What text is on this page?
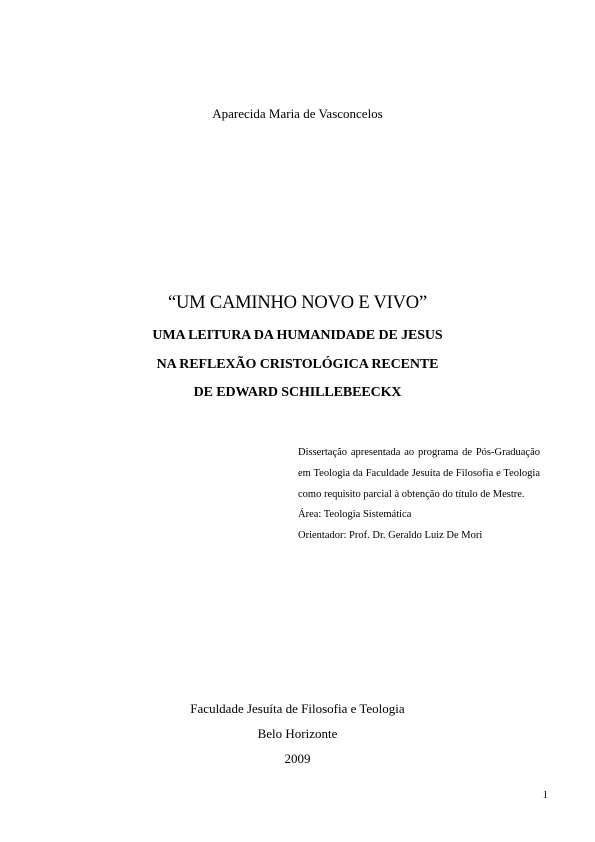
Aparecida Maria de Vasconcelos
“UM CAMINHO NOVO E VIVO”
UMA LEITURA DA HUMANIDADE DE JESUS
NA REFLEXÃO CRISTOLÓGICA RECENTE
DE EDWARD SCHILLEBEECKX

Dissertação apresentada ao programa de Pós-Graduação em Teologia da Faculdade Jesuíta de Filosofia e Teologia como requisito parcial à obtenção do título de Mestre.

Área: Teologia Sistemática

Orientador: Prof. Dr. Geraldo Luiz De Mori

Faculdade Jesuíta de Filosofia e Teologia
Belo Horizonte
2009
1
